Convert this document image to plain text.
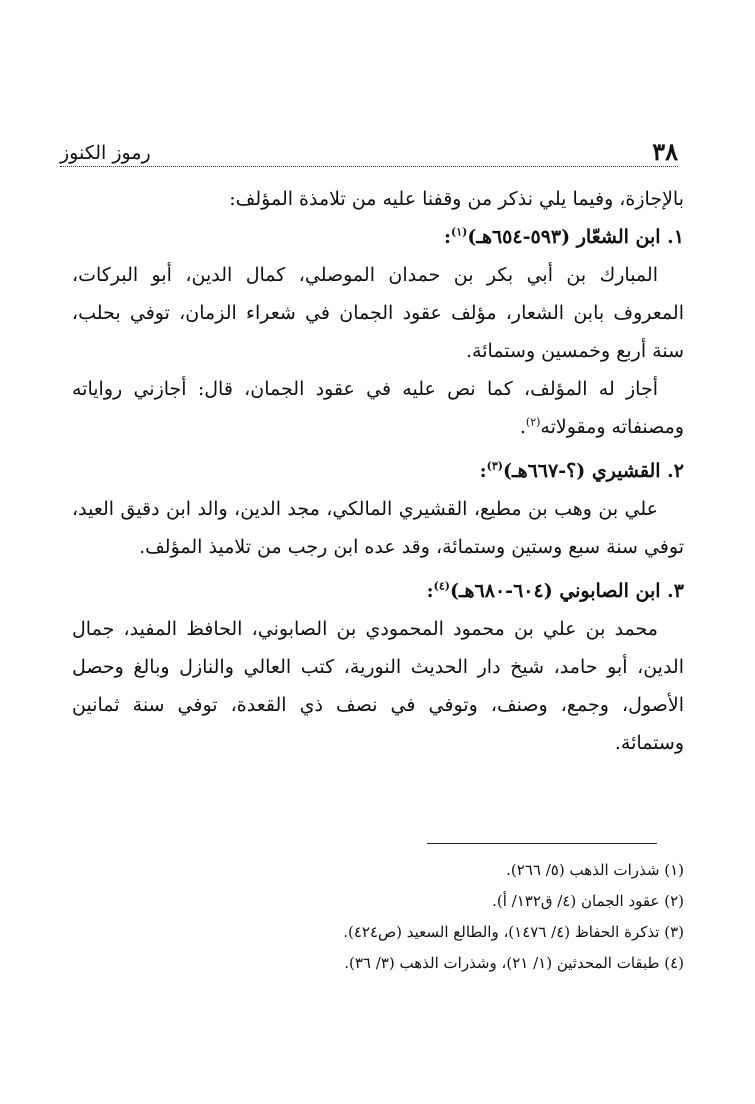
٣٨
رموز الكنوز

بالإجازة، وفيما يلي نذكر من وقفنا عليه من تلامذة المؤلف:

١. ابن الشعّار (٥٩٣-٦٥٤هـ)$^{(١)}$:

المبارك بن أبي بكر بن حمدان الموصلي، كمال الدين، أبو البركات، المعروف بابن الشعار، مؤلف عقود الجمان في شعراء الزمان، توفي بحلب، سنة أربع وخمسين وستمائة.

أجاز له المؤلف، كما نص عليه في عقود الجمان، قال: أجازني رواياته ومصنفاته ومقولاته$^{(٢)}$.

٢. القشيري (؟-٦٦٧هـ)$^{(٣)}$:

علي بن وهب بن مطيع، القشيري المالكي، مجد الدين، والد ابن دقيق العيد، توفي سنة سبع وستين وستمائة، وقد عده ابن رجب من تلاميذ المؤلف.

٣. ابن الصابوني (٦٠٤-٦٨٠هـ)$^{(٤)}$:

محمد بن علي بن محمود المحمودي بن الصابوني، الحافظ المفيد، جمال الدين، أبو حامد، شيخ دار الحديث النورية، كتب العالي والنازل وبالغ وحصل الأصول، وجمع، وصنف، وتوفي في نصف ذي القعدة، توفي سنة ثمانين وستمائة.

(١) شذرات الذهب (٥/ ٢٦٦).

(٢) عقود الجمان (٤/ ق١٣٢/ أ).

(٣) تذكرة الحفاظ (٤/ ١٤٧٦)، والطالع السعيد (ص٤٢٤).

(٤) طبقات المحدثين (١/ ٢١)، وشذرات الذهب (٣/ ٣٦).
